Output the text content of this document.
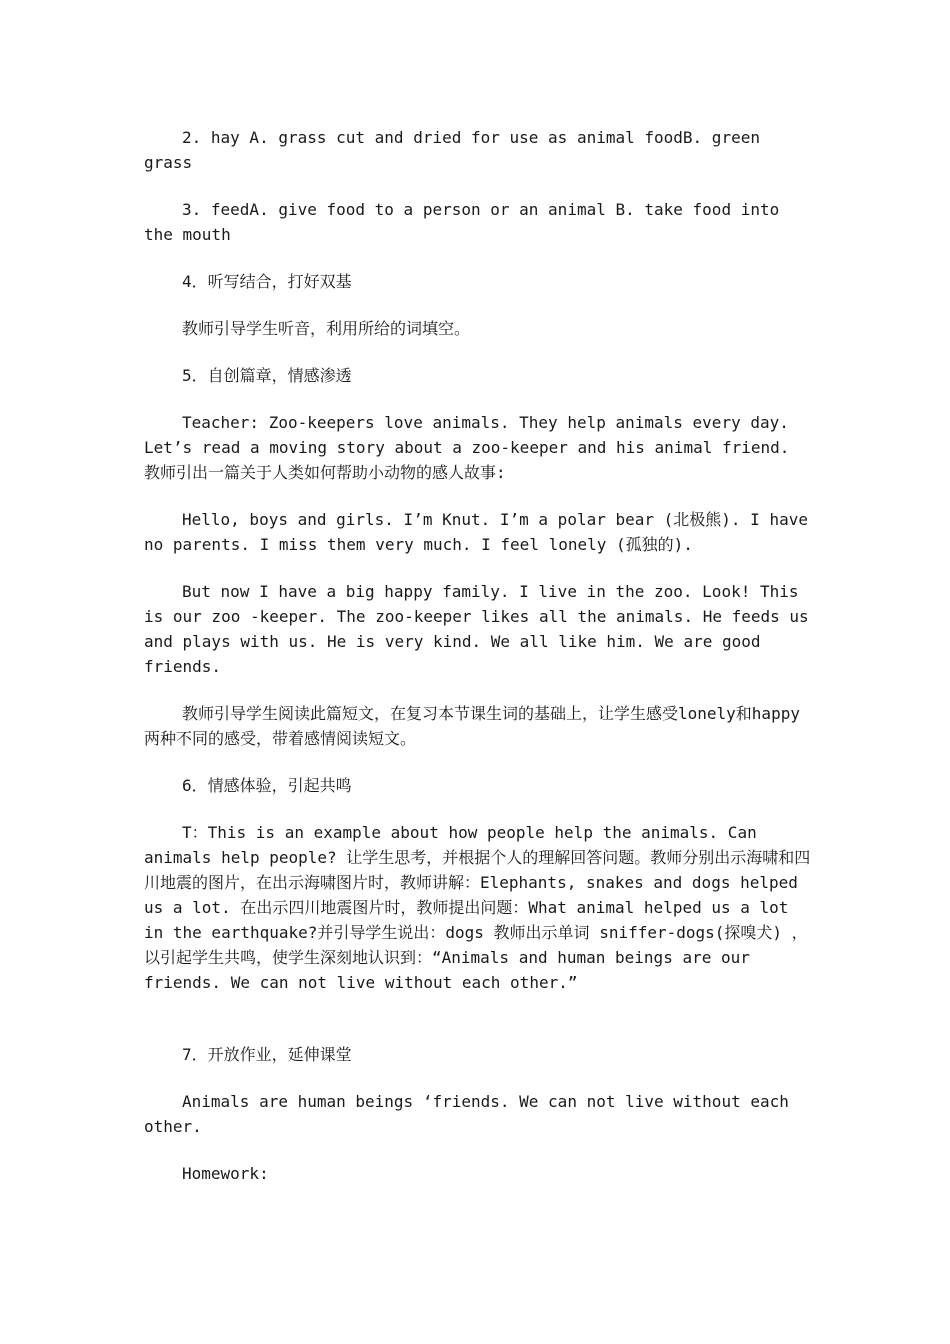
2. hay A. grass cut and dried for use as animal foodB. green grass

3. feedA. give food to a person or an animal B. take food into the mouth

4．听写结合，打好双基

教师引导学生听音，利用所给的词填空。

5．自创篇章，情感渗透

Teacher: Zoo-keepers love animals. They help animals every day. Let’s read a moving story about a zoo-keeper and his animal friend. 教师引出一篇关于人类如何帮助小动物的感人故事:

Hello, boys and girls. I’m Knut. I’m a polar bear (北极熊). I have no parents. I miss them very much. I feel lonely (孤独的).

But now I have a big happy family. I live in the zoo. Look! This is our zoo -keeper. The zoo-keeper likes all the animals. He feeds us and plays with us. He is very kind. We all like him. We are good friends.

教师引导学生阅读此篇短文，在复习本节课生词的基础上，让学生感受lonely和happy两种不同的感受，带着感情阅读短文。

6．情感体验，引起共鸣

T：This is an example about how people help the animals. Can animals help people? 让学生思考，并根据个人的理解回答问题。教师分别出示海啸和四川地震的图片，在出示海啸图片时，教师讲解：Elephants, snakes and dogs helped us a lot. 在出示四川地震图片时，教师提出问题：What animal helped us a lot in the earthquake?并引导学生说出：dogs 教师出示单词 sniffer-dogs(探嗅犬) ，以引起学生共鸣，使学生深刻地认识到：“Animals and human beings are our friends. We can not live without each other.”

7．开放作业，延伸课堂

Animals are human beings ‘friends. We can not live without each other.

Homework:
